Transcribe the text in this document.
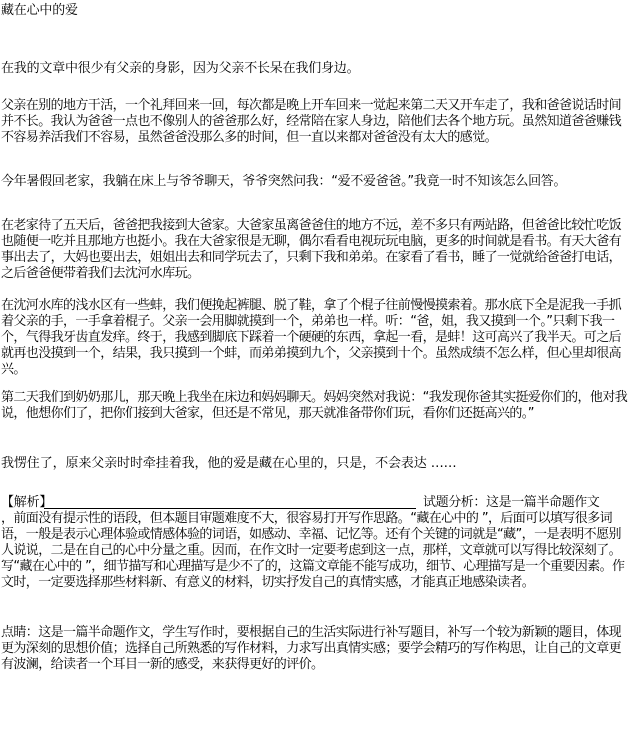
藏在心中的爱

在我的文章中很少有父亲的身影，因为父亲不长呆在我们身边。

父亲在别的地方干活，一个礼拜回来一回，每次都是晚上开车回来一觉起来第二天又开车走了，我和爸爸说话时间并不长。我认为爸爸一点也不像别人的爸爸那么好，经常陪在家人身边，陪他们去各个地方玩。虽然知道爸爸赚钱不容易养活我们不容易，虽然爸爸没那么多的时间，但一直以来都对爸爸没有太大的感觉。

今年暑假回老家，我躺在床上与爷爷聊天，爷爷突然问我：“爱不爱爸爸。”我竟一时不知该怎么回答。

在老家待了五天后，爸爸把我接到大爸家。大爸家虽离爸爸住的地方不远，差不多只有两站路，但爸爸比较忙吃饭也随便一吃并且那地方也挺小。我在大爸家很是无聊，偶尔看看电视玩玩电脑，更多的时间就是看书。有天大爸有事出去了，大妈也要出去，姐姐出去和同学玩去了，只剩下我和弟弟。在家看了看书，睡了一觉就给爸爸打电话，之后爸爸便带着我们去沈河水库玩。

在沈河水库的浅水区有一些蚌，我们便挽起裤腿、脱了鞋，拿了个棍子往前慢慢摸索着。那水底下全是泥我一手抓着父亲的手，一手拿着棍子。父亲一会用脚就摸到一个，弟弟也一样。听：“爸，姐，我又摸到一个。”只剩下我一个，气得我牙齿直发痒。终于，我感到脚底下踩着一个硬硬的东西，拿起一看，是蚌！这可高兴了我半天。可之后就再也没摸到一个，结果，我只摸到一个蚌，而弟弟摸到九个，父亲摸到十个。虽然成绩不怎么样，但心里却很高兴。

第二天我们到奶奶那儿，那天晚上我坐在床边和妈妈聊天。妈妈突然对我说：“我发现你爸其实挺爱你们的，他对我说，他想你们了，把你们接到大爸家，但还是不常见，那天就准备带你们玩，看你们还挺高兴的。”

我愣住了，原来父亲时时牵挂着我，他的爱是藏在心里的，只是，不会表达 ……

【解析】	试题分析：这是一篇半命题作文

，前面没有提示性的语段，但本题目审题难度不大，很容易打开写作思路。“藏在心中的 ”，后面可以填写很多词语，一般是表示心理体验或情感体验的词语，如感动、幸福、记忆等。还有个关键的词就是“藏”，一是表明不愿别人说说，二是在自己的心中分量之重。因而，在作文时一定要考虑到这一点，那样，文章就可以写得比较深刻了。写“藏在心中的 ”，细节描写和心理描写是少不了的，这篇文章能不能写成功，细节、心理描写是一个重要因素。作文时，一定要选择那些材料新、有意义的材料，切实抒发自己的真情实感，才能真正地感染读者。

点睛：这是一篇半命题作文，学生写作时，要根据自己的生活实际进行补写题目，补写一个较为新颖的题目，体现更为深刻的思想价值；选择自己所熟悉的写作材料，力求写出真情实感；要学会精巧的写作构思，让自己的文章更有波澜，给读者一个耳目一新的感受，来获得更好的评价。
